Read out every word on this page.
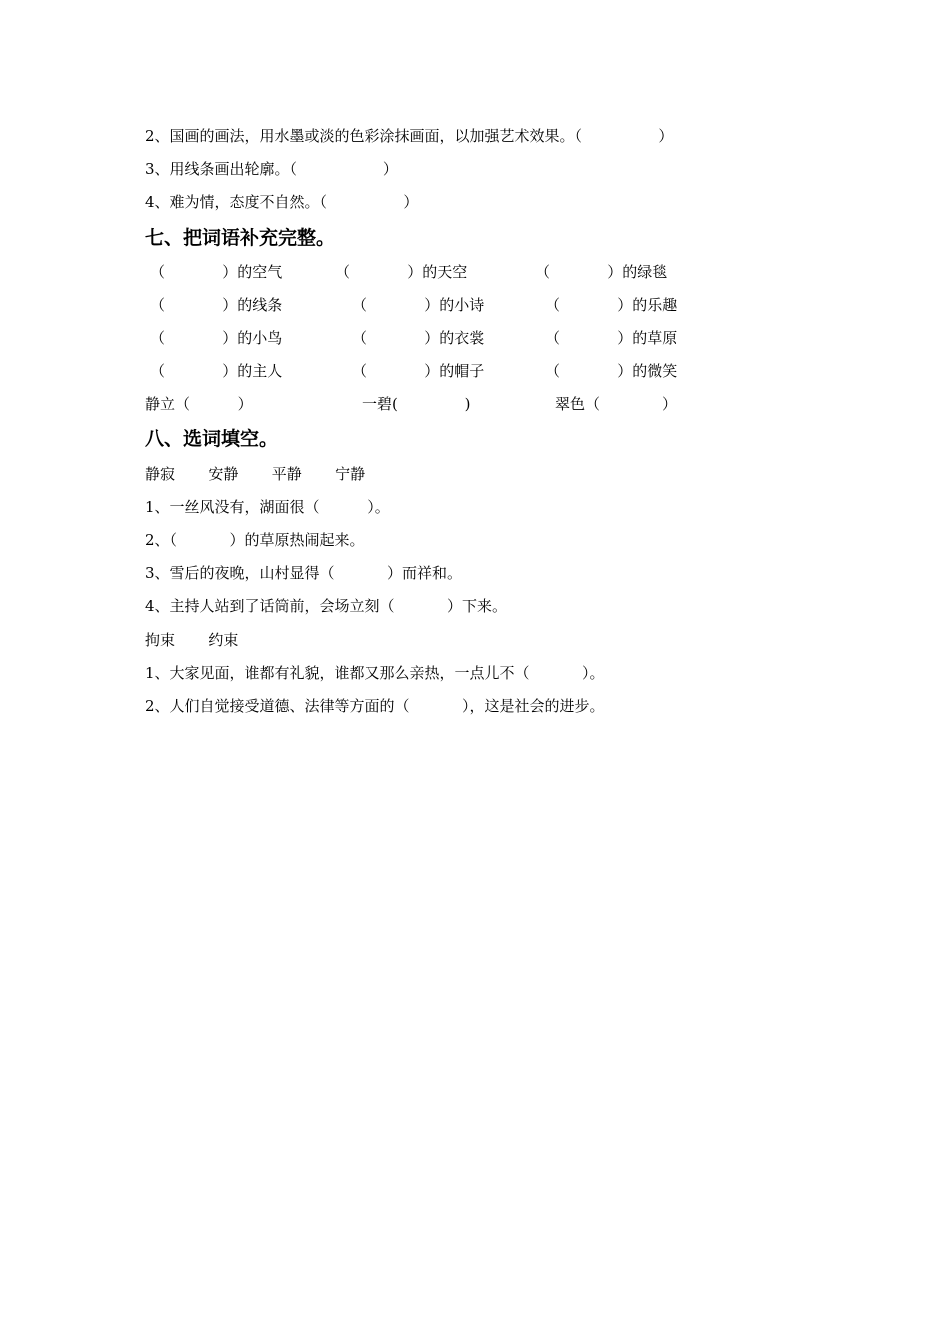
2、国画的画法，用水墨或淡的色彩涂抹画面，以加强艺术效果。（                ）
3、用线条画出轮廓。（                  ）
4、难为情，态度不自然。（                ）
七、把词语补充完整。
（            ）的空气	（            ）的天空	（            ）的绿毯
（            ）的线条	（            ）的小诗	（            ）的乐趣
（            ）的小鸟	（            ）的衣裳	（            ）的草原
（            ）的主人	（            ）的帽子	（            ）的微笑
静立（          ）	一碧(              )	翠色（             ）
八、选词填空。
静寂       安静       平静       宁静
1、一丝风没有，湖面很（          ）。
2、（           ）的草原热闹起来。
3、雪后的夜晚，山村显得（           ）而祥和。
4、主持人站到了话筒前，会场立刻（           ）下来。
拘束       约束
1、大家见面，谁都有礼貌，谁都又那么亲热，一点儿不（           ）。
2、人们自觉接受道德、法律等方面的（           ），这是社会的进步。
